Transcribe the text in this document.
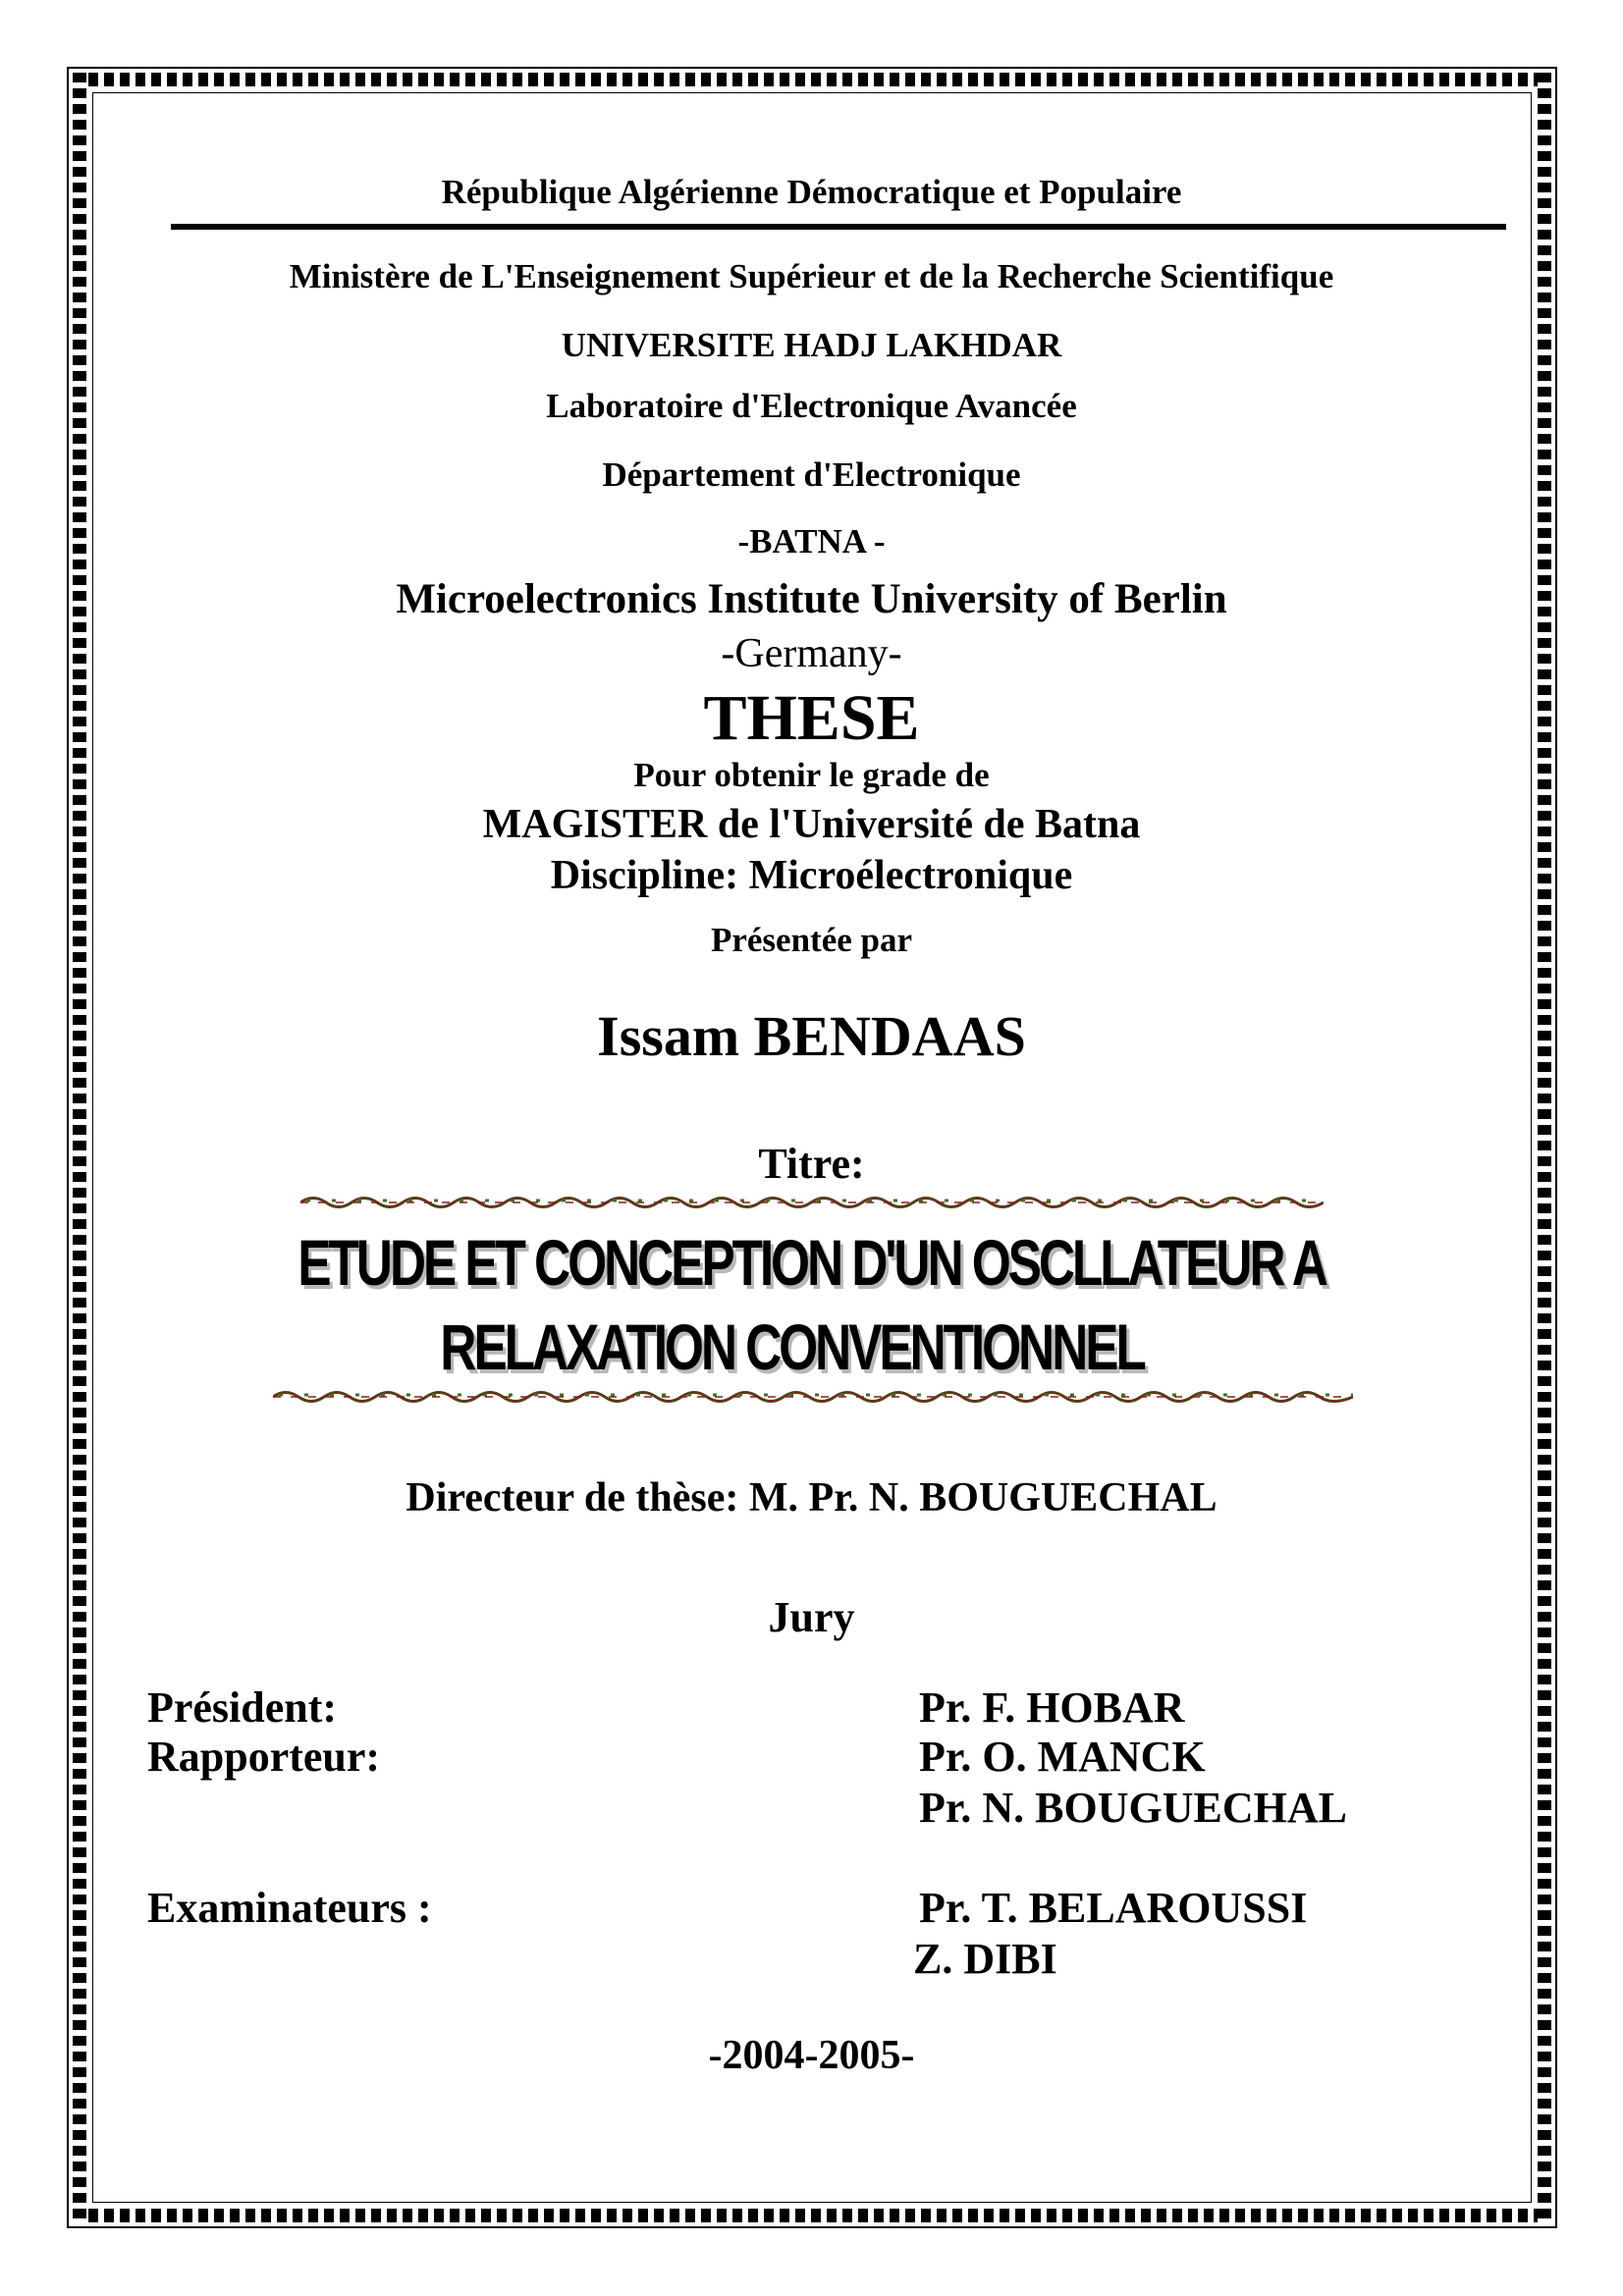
République Algérienne Démocratique et Populaire
Ministère de L'Enseignement Supérieur et de la Recherche Scientifique
UNIVERSITE HADJ LAKHDAR
Laboratoire d'Electronique Avancée
Département d'Electronique
-BATNA -
Microelectronics Institute University of Berlin
-Germany-
THESE
Pour obtenir le grade de
MAGISTER de l'Université de Batna
Discipline: Microélectronique
Présentée par
Issam BENDAAS
Titre:
ETUDE ET CONCEPTION D'UN OSCLLATEUR A
RELAXATION CONVENTIONNEL
Directeur de thèse: M. Pr. N. BOUGUECHAL
Jury
Président:	Pr. F. HOBAR
Rapporteur:	Pr. O. MANCK
Pr. N. BOUGUECHAL
Examinateurs :	Pr. T. BELAROUSSI
Z. DIBI
-2004-2005-
